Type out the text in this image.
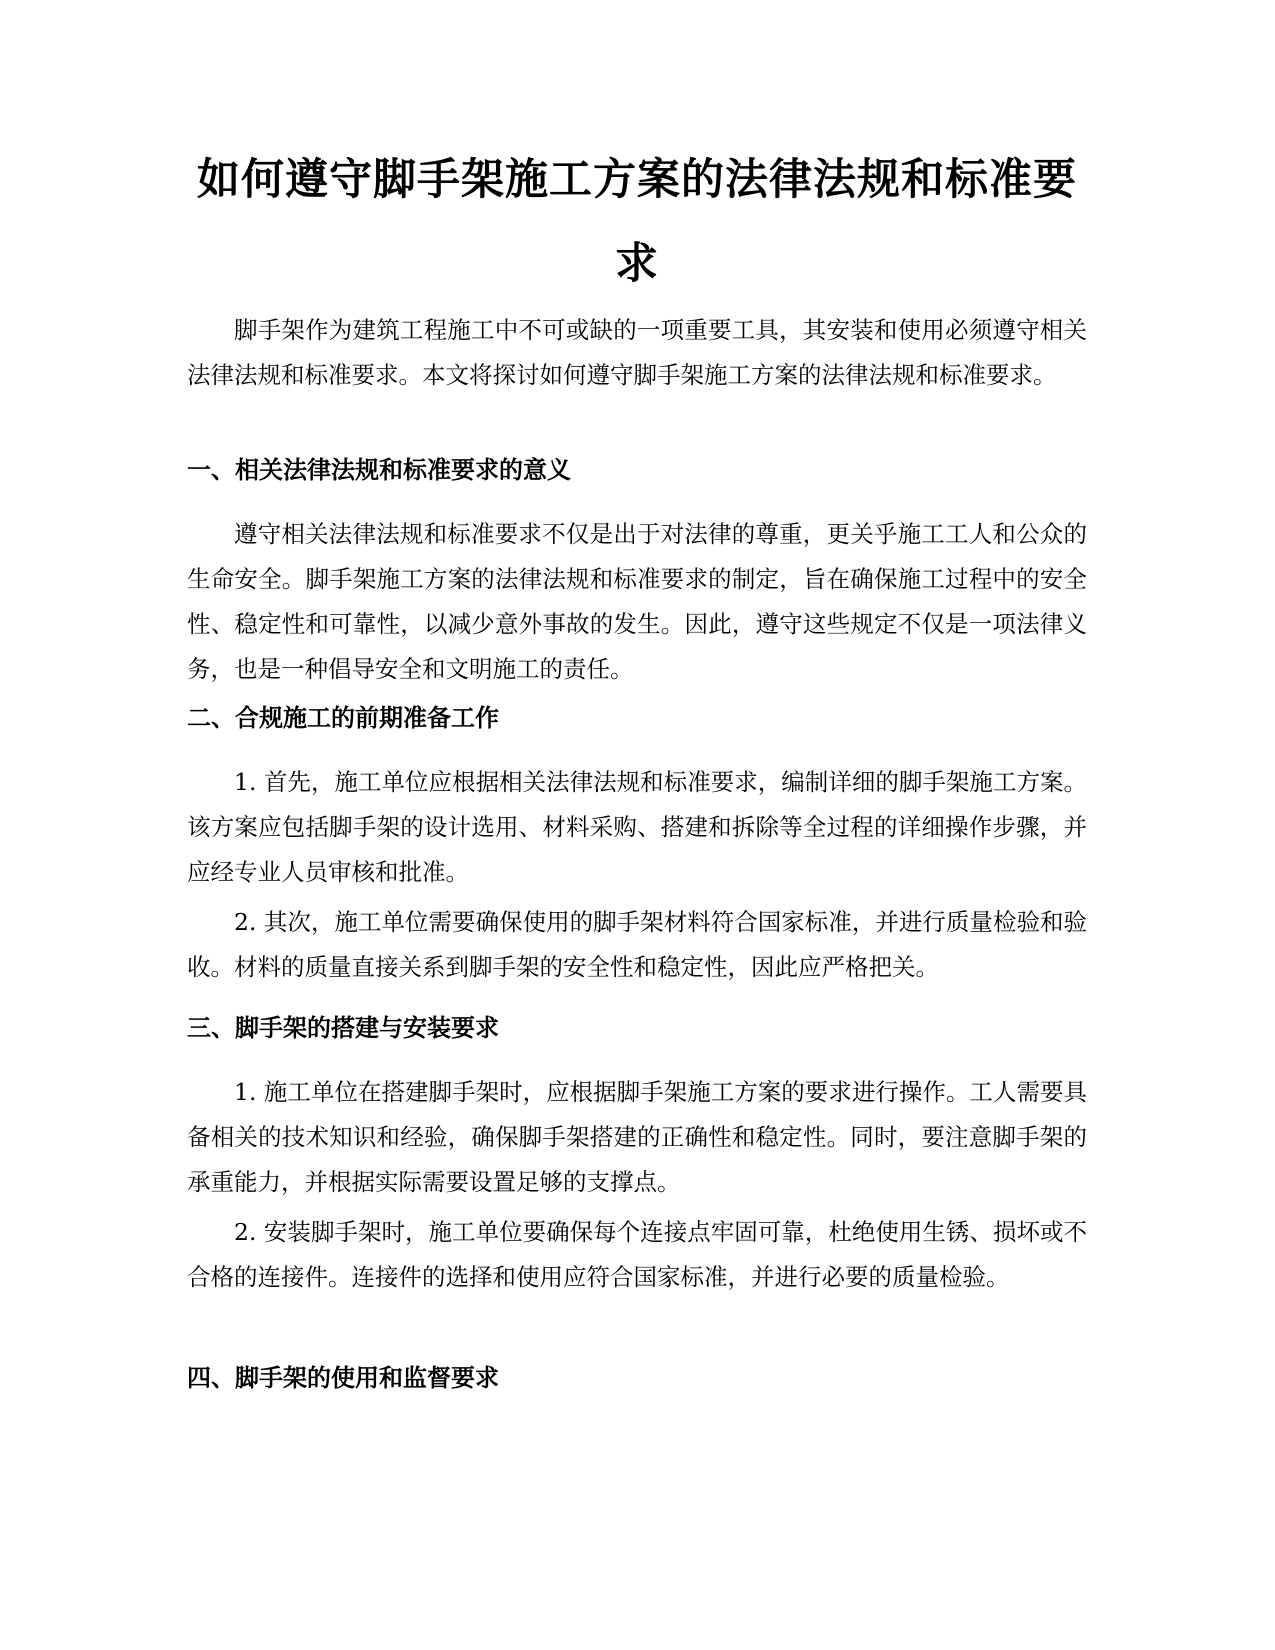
如何遵守脚手架施工方案的法律法规和标准要求

脚手架作为建筑工程施工中不可或缺的一项重要工具，其安装和使用必须遵守相关法律法规和标准要求。本文将探讨如何遵守脚手架施工方案的法律法规和标准要求。

一、相关法律法规和标准要求的意义

遵守相关法律法规和标准要求不仅是出于对法律的尊重，更关乎施工工人和公众的生命安全。脚手架施工方案的法律法规和标准要求的制定，旨在确保施工过程中的安全性、稳定性和可靠性，以减少意外事故的发生。因此，遵守这些规定不仅是一项法律义务，也是一种倡导安全和文明施工的责任。

二、合规施工的前期准备工作

1. 首先，施工单位应根据相关法律法规和标准要求，编制详细的脚手架施工方案。该方案应包括脚手架的设计选用、材料采购、搭建和拆除等全过程的详细操作步骤，并应经专业人员审核和批准。

2. 其次，施工单位需要确保使用的脚手架材料符合国家标准，并进行质量检验和验收。材料的质量直接关系到脚手架的安全性和稳定性，因此应严格把关。

三、脚手架的搭建与安装要求

1. 施工单位在搭建脚手架时，应根据脚手架施工方案的要求进行操作。工人需要具备相关的技术知识和经验，确保脚手架搭建的正确性和稳定性。同时，要注意脚手架的承重能力，并根据实际需要设置足够的支撑点。

2. 安装脚手架时，施工单位要确保每个连接点牢固可靠，杜绝使用生锈、损坏或不合格的连接件。连接件的选择和使用应符合国家标准，并进行必要的质量检验。

四、脚手架的使用和监督要求
